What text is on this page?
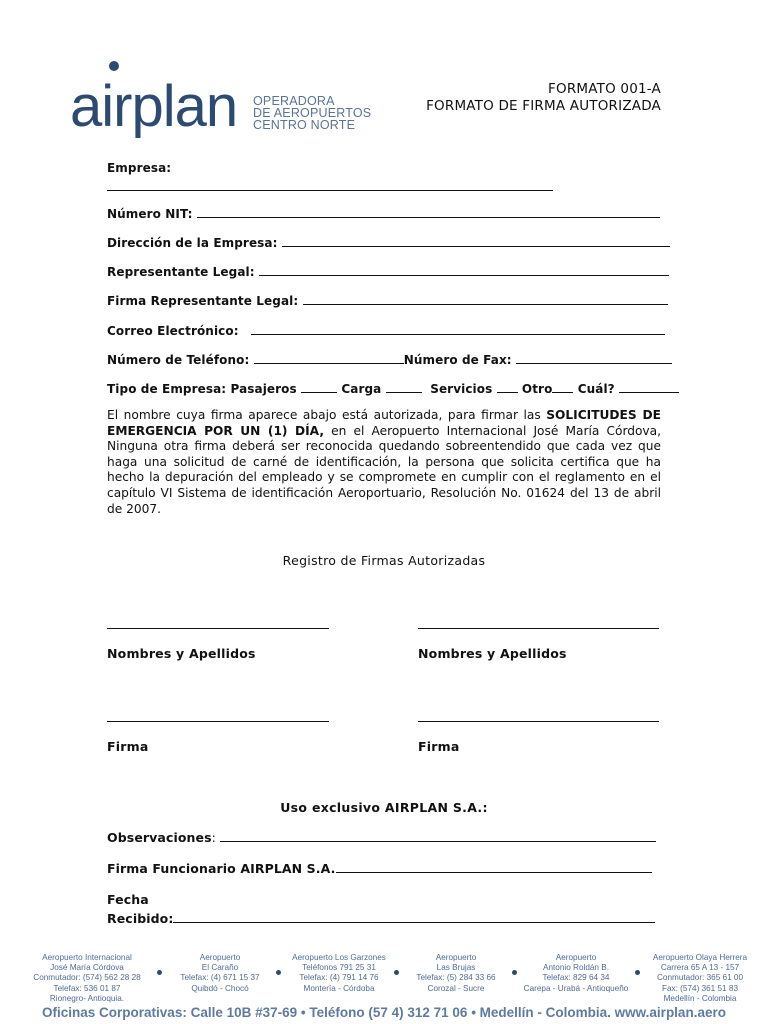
airplan OPERADORA
DE AEROPUERTOS
CENTRO NORTE
FORMATO 001-A
FORMATO DE FIRMA AUTORIZADA
Empresa:
Número NIT:
Dirección de la Empresa:
Representante Legal:
Firma Representante Legal:
Correo Electrónico:
Número de Teléfono:	Número de Fax:
Tipo de Empresa: Pasajeros	Carga	Servicios Otro Cuál?
El nombre cuya firma aparece abajo está autorizada, para firmar las SOLICITUDES DE EMERGENCIA POR UN (1) DÍA, en el Aeropuerto Internacional José María Córdova, Ninguna otra firma deberá ser reconocida quedando sobreentendido que cada vez que haga una solicitud de carné de identificación, la persona que solicita certifica que ha hecho la depuración del empleado y se compromete en cumplir con el reglamento en el capítulo VI Sistema de identificación Aeroportuario, Resolución No. 01624 del 13 de abril de 2007.
Registro de Firmas Autorizadas
Nombres y Apellidos	Nombres y Apellidos
Firma	Firma
Uso exclusivo AIRPLAN S.A.:
Observaciones:
Firma Funcionario AIRPLAN S.A.
Fecha
Recibido:
Aeropuerto Internacional
José María Córdova
Conmutador: (574) 562 28 28
Telefax: 536 01 87
Rionegro- Antioquia.
Aeropuerto
El Caraño
Telefax: (4) 671 15 37
Quibdó - Chocó
Aeropuerto Los Garzones
Teléfonos 791 25 31
Telefax: (4) 791 14 76
Montería - Córdoba
Aeropuerto
Las Brujas
Telefax: (5) 284 33 66
Corozal - Sucre
Aeropuerto
Antonio Roldán B.
Telefax: 829 64 34
Carepa - Urabá - Antioqueño
Aeropuerto Olaya Herrera
Carrera 65 A 13 - 157
Conmutador: 365 61 00
Fax: (574) 361 51 83
Medellín - Colombia
Oficinas Corporativas: Calle 10B #37-69 • Teléfono (57 4) 312 71 06 • Medellín - Colombia. www.airplan.aero
